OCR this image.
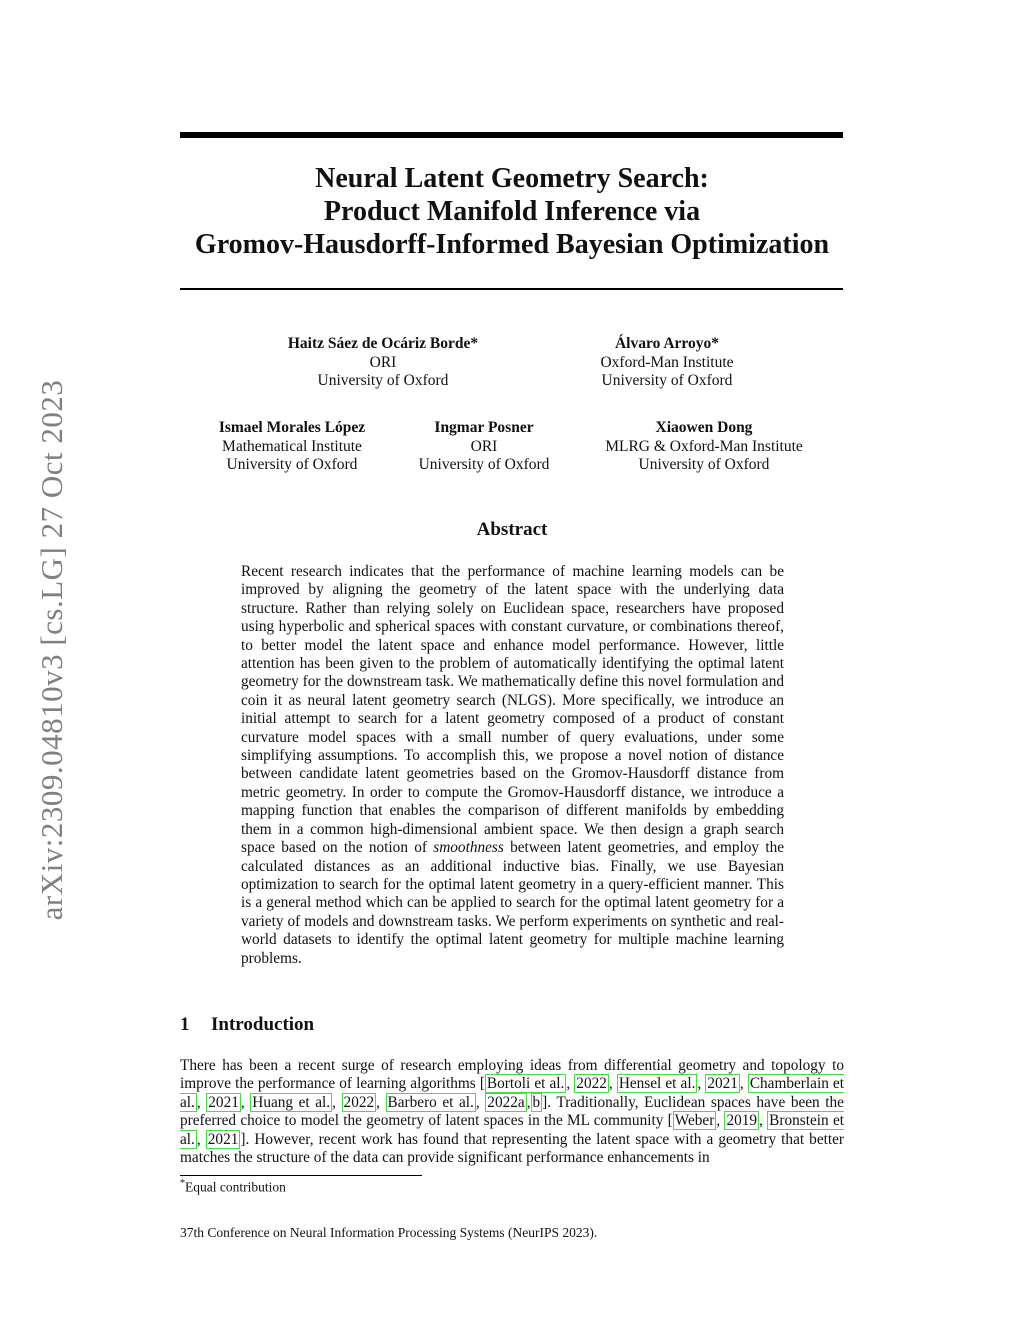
arXiv:2309.04810v3 [cs.LG] 27 Oct 2023
Neural Latent Geometry Search:
Product Manifold Inference via
Gromov-Hausdorff-Informed Bayesian Optimization
Haitz Sáez de Ocáriz Borde*
ORI
University of Oxford
Álvaro Arroyo*
Oxford-Man Institute
University of Oxford
Ismael Morales López
Mathematical Institute
University of Oxford
Ingmar Posner
ORI
University of Oxford
Xiaowen Dong
MLRG & Oxford-Man Institute
University of Oxford
Abstract
Recent research indicates that the performance of machine learning models can be improved by aligning the geometry of the latent space with the underlying data structure. Rather than relying solely on Euclidean space, researchers have proposed using hyperbolic and spherical spaces with constant curvature, or combinations thereof, to better model the latent space and enhance model performance. However, little attention has been given to the problem of automatically identifying the optimal latent geometry for the downstream task. We mathematically define this novel formulation and coin it as neural latent geometry search (NLGS). More specifically, we introduce an initial attempt to search for a latent geometry composed of a product of constant curvature model spaces with a small number of query evaluations, under some simplifying assumptions. To accomplish this, we propose a novel notion of distance between candidate latent geometries based on the Gromov-Hausdorff distance from metric geometry. In order to compute the Gromov-Hausdorff distance, we introduce a mapping function that enables the comparison of different manifolds by embedding them in a common high-dimensional ambient space. We then design a graph search space based on the notion of smoothness between latent geometries, and employ the calculated distances as an additional inductive bias. Finally, we use Bayesian optimization to search for the optimal latent geometry in a query-efficient manner. This is a general method which can be applied to search for the optimal latent geometry for a variety of models and downstream tasks. We perform experiments on synthetic and real-world datasets to identify the optimal latent geometry for multiple machine learning problems.
1 Introduction
There has been a recent surge of research employing ideas from differential geometry and topology to improve the performance of learning algorithms [ Bortoli et al. , 2022 , Hensel et al. , 2021 , Chamberlain et al. , 2021 , Huang et al. , 2022 , Barbero et al. , 2022a , b ]. Traditionally, Euclidean spaces have been the preferred choice to model the geometry of latent spaces in the ML community [ Weber , 2019 , Bronstein et al. , 2021 ]. However, recent work has found that representing the latent space with a geometry that better matches the structure of the data can provide significant performance enhancements in
*Equal contribution
37th Conference on Neural Information Processing Systems (NeurIPS 2023).
